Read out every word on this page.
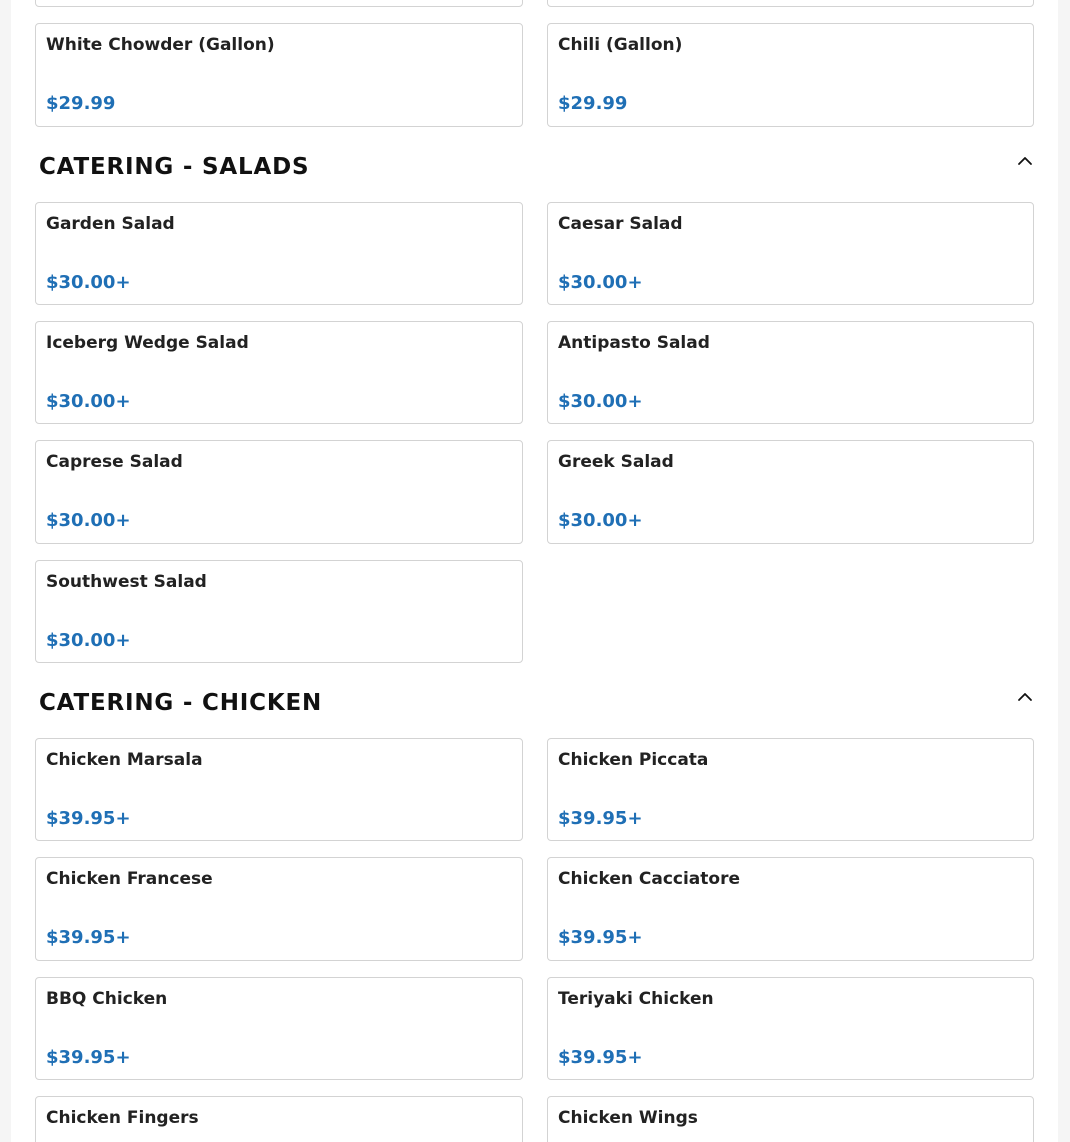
White Chowder (Gallon)
$29.99
Chili (Gallon)
$29.99
CATERING - SALADS
Garden Salad
$30.00+
Caesar Salad
$30.00+
Iceberg Wedge Salad
$30.00+
Antipasto Salad
$30.00+
Caprese Salad
$30.00+
Greek Salad
$30.00+
Southwest Salad
$30.00+
CATERING - CHICKEN
Chicken Marsala
$39.95+
Chicken Piccata
$39.95+
Chicken Francese
$39.95+
Chicken Cacciatore
$39.95+
BBQ Chicken
$39.95+
Teriyaki Chicken
$39.95+
Chicken Fingers	Chicken Wings
